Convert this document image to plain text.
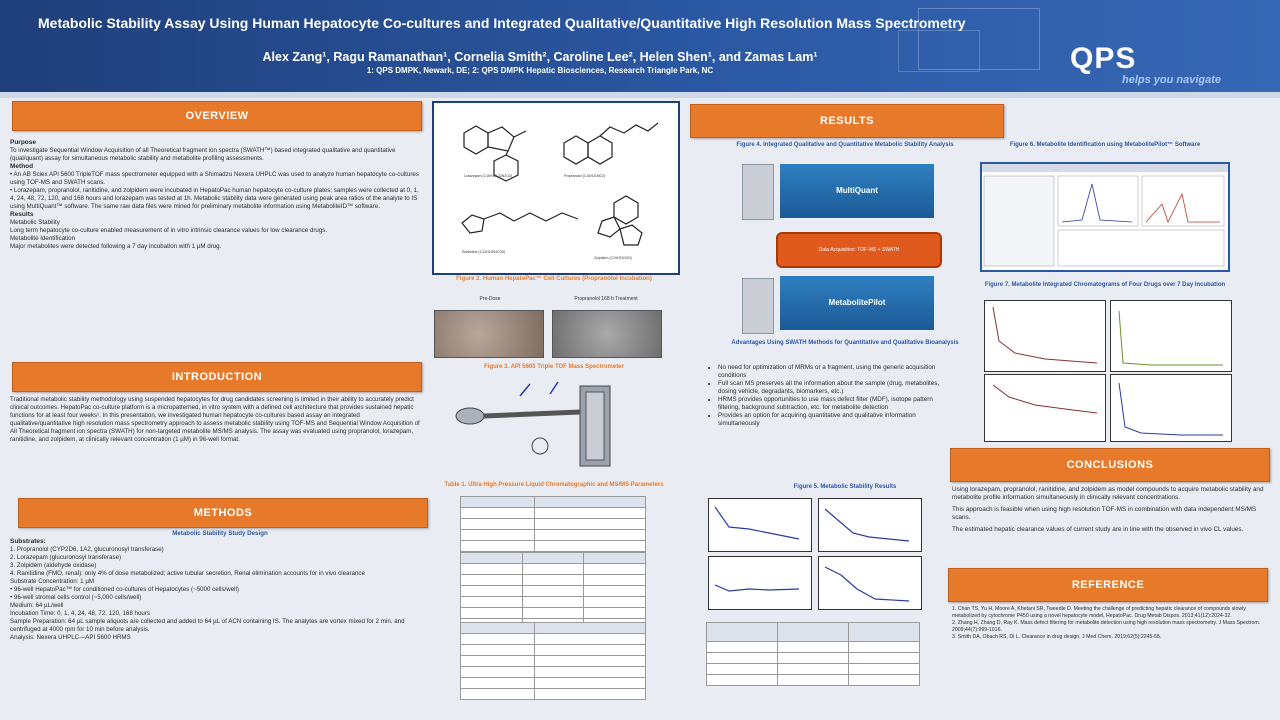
Metabolic Stability Assay Using Human Hepatocyte Co-cultures and Integrated Qualitative/Quantitative High Resolution Mass Spectrometry
Alex Zang¹, Ragu Ramanathan¹, Cornelia Smith², Caroline Lee², Helen Shen¹, and Zamas Lam¹
1: QPS DMPK, Newark, DE; 2: QPS DMPK Hepatic Biosciences, Research Triangle Park, NC	QPS
helps you navigate
OVERVIEW
Purpose
To investigate Sequential Window Acquisition of all Theoretical fragment ion spectra (SWATH™) based integrated qualitative and quantitative (qual/quant) assay for simultaneous metabolic stability and metabolite profiling assessments.
Method
• An AB Sciex API 5600 TripleTOF mass spectrometer equipped with a Shimadzu Nexera UHPLC was used to analyze human hepatocyte co-cultures using TOF-MS and SWATH scans.
• Lorazepam, propranolol, ranitidine, and zolpidem were incubated in HepatoPac human hepatocyte co-culture plates; samples were collected at 0, 1, 4, 24, 48, 72, 120, and 168 hours and lorazepam was tested at 1h. Metabolic stability data were generated using peak area ratios of the analyte to IS using MultiQuant™ software. The same raw data files were mined for preliminary metabolite information using MetaboliteID™ software.
Results
Metabolic Stability
Long term hepatocyte co-culture enabled measurement of in vitro intrinsic clearance values for low clearance drugs.
Metabolite Identification
Major metabolites were detected following a 7 day incubation with 1 µM drug.
INTRODUCTION
Traditional metabolic stability methodology using suspended hepatocytes for drug candidates screening is limited in their ability to accurately predict clinical outcomes. HepatoPac co-culture platform is a micropatterned, in vitro system with a defined cell architecture that provides sustained hepatic functions for at least four weeks¹. In this presentation, we investigated human hepatocyte co-cultures based assay an integrated qualitative/quantitative high resolution mass spectrometry approach to assess metabolic stability using TOF-MS and Sequential Window Acquisition of All Theoretical fragment ion spectra (SWATH) for non-targeted metabolite MS/MS analysis. The assay was evaluated using propranolol, lorazepam, ranitidine, and zolpidem, at clinically relevant concentration (1 µM) in 96-well format.
METHODS
Metabolic Stability Study Design
Substrates:
1. Propranolol (CYP2D6, 1A2, glucuronosyl transferase)
2. Lorazepam (glucuronosyl transferase)
3. Zolpidem (aldehyde oxidase)
4. Ranitidine (FMO, renal): only 4% of dose metabolized; active tubular secretion, Renal elimination accounts for in vivo clearance
Substrate Concentration: 1 µM
• 96-well HepatoPac™ for conditioned co-cultures of Hepatocytes (~5000 cells/well)
• 96-well stromal cells control (~5,000 cells/well)
Medium: 64 µL/well
Incubation Time: 0, 1, 4, 24, 48, 72, 120, 168 hours
Sample Preparation: 64 µL sample aliquots are collected and added to 64 µL of ACN containing IS. The analytes are vortex mixed for 2 min. and centrifuged at 4000 rpm for 10 min before analysis.
Analysis: Nexera UHPLC—API 5600 HRMS
Lorazepam (C15H10Cl2N2O2)	Propranolol (C16H21NO2)
Ranitidine (C13H22N4O3S)
Zolpidem (C19H21N3O)
Figure 2. Human HepatoPac™ Cell Cultures (Propranolol Incubation)
Pre-Dose	Propranolol 168 h Treatment
Figure 3. API 5600 Triple TOF Mass Spectrometer
Table 1. Ultra High Pressure Liquid Chromatographic and MS/MS Parameters

RESULTS
Figure 4. Integrated Qualitative and Quantitative Metabolic Stability Analysis
MultiQuant
Data Acquisition: TOF-MS + SWATH
MetabolitePilot
Advantages Using SWATH Methods for Quantitative and Qualitative Bioanalysis
• No need for optimization of MRMs or a fragment, using the generic acquisition conditions
• Full scan MS preserves all the information about the sample (drug, metabolites, dosing vehicle, degradants, biomarkers, etc.)
• HRMS provides opportunities to use mass defect filter (MDF), isotope pattern filtering, background subtraction, etc. for metabolite detection
• Provides an option for acquiring quantitative and qualitative information simultaneously
Figure 5. Metabolic Stability Results

Figure 6. Metabolite Identification using MetabolitePilot™ Software
Figure 7. Metabolite Integrated Chromatograms of Four Drugs over 7 Day Incubation
CONCLUSIONS
Using lorazepam, propranolol, ranitidine, and zolpidem as model compounds to acquire metabolic stability and metabolite profile information simultaneously in clinically relevant concentrations.
This approach is feasible when using high resolution TOF-MS in combination with data independent MS/MS scans.
The estimated hepatic clearance values of current study are in line with the observed in vivo CL values.
REFERENCE
1. Chan TS, Yu H, Moore A, Khetani SR, Tweedie D. Meeting the challenge of predicting hepatic clearance of compounds slowly metabolized by cytochrome P450 using a novel hepatocyte model, HepatoPac. Drug Metab Dispos. 2013;41(12):2024-32.
2. Zhang H, Zhang D, Ray K. Mass defect filtering for metabolite detection using high resolution mass spectrometry. J Mass Spectrom. 2009;44(7):999-1016.
3. Smith DA, Obach RS, Di L. Clearance in drug design. J Med Chem. 2019;62(5):2245-55.
